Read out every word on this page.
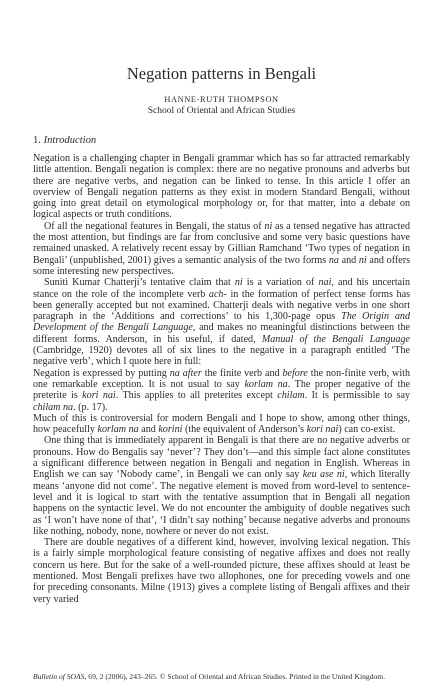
Negation patterns in Bengali
HANNE-RUTH THOMPSON
School of Oriental and African Studies
1. Introduction

Negation is a challenging chapter in Bengali grammar which has so far attracted remarkably little attention. Bengali negation is complex: there are no negative pronouns and adverbs but there are negative verbs, and negation can be linked to tense. In this article I offer an overview of Bengali negation patterns as they exist in modern Standard Bengali, without going into great detail on etymological morphology or, for that matter, into a debate on logical aspects or truth conditions.

Of all the negational features in Bengali, the status of ni as a tensed negative has attracted the most attention, but findings are far from conclusive and some very basic questions have remained unasked. A relatively recent essay by Gillian Ramchand ‘Two types of negation in Bengali’ (unpublished, 2001) gives a semantic analysis of the two forms na and ni and offers some interesting new perspectives.

Suniti Kumar Chatterji’s tentative claim that ni is a variation of nai, and his uncertain stance on the role of the incomplete verb ach- in the formation of perfect tense forms has been generally accepted but not examined. Chatterji deals with negative verbs in one short paragraph in the ‘Additions and corrections’ to his 1,300-page opus The Origin and Development of the Bengali Language, and makes no meaningful distinctions between the different forms. Anderson, in his useful, if dated, Manual of the Bengali Language (Cambridge, 1920) devotes all of six lines to the negative in a paragraph entitled ‘The negative verb’, which I quote here in full:

Negation is expressed by putting na after the finite verb and before the non-finite verb, with one remarkable exception. It is not usual to say korlam na. The proper negative of the preterite is kori nai. This applies to all preterites except chilam. It is permissible to say chilam na. (p. 17).

Much of this is controversial for modern Bengali and I hope to show, among other things, how peacefully korlam na and korini (the equivalent of Anderson’s kori nai) can co-exist.

One thing that is immediately apparent in Bengali is that there are no negative adverbs or pronouns. How do Bengalis say ‘never’? They don’t—and this simple fact alone constitutes a significant difference between negation in Bengali and negation in English. Whereas in English we can say ‘Nobody came’, in Bengali we can only say keu ase ni, which literally means ‘anyone did not come’. The negative element is moved from word-level to sentence-level and it is logical to start with the tentative assumption that in Bengali all negation happens on the syntactic level. We do not encounter the ambiguity of double negatives such as ‘I won’t have none of that’, ‘I didn’t say nothing’ because negative adverbs and pronouns like nothing, nobody, none, nowhere or never do not exist.

There are double negatives of a different kind, however, involving lexical negation. This is a fairly simple morphological feature consisting of negative affixes and does not really concern us here. But for the sake of a well-rounded picture, these affixes should at least be mentioned. Most Bengali prefixes have two allophones, one for preceding vowels and one for preceding consonants. Milne (1913) gives a complete listing of Bengali affixes and their very varied

Bulletin of SOAS, 69, 2 (2006), 243–265. © School of Oriental and African Studies. Printed in the United Kingdom.
